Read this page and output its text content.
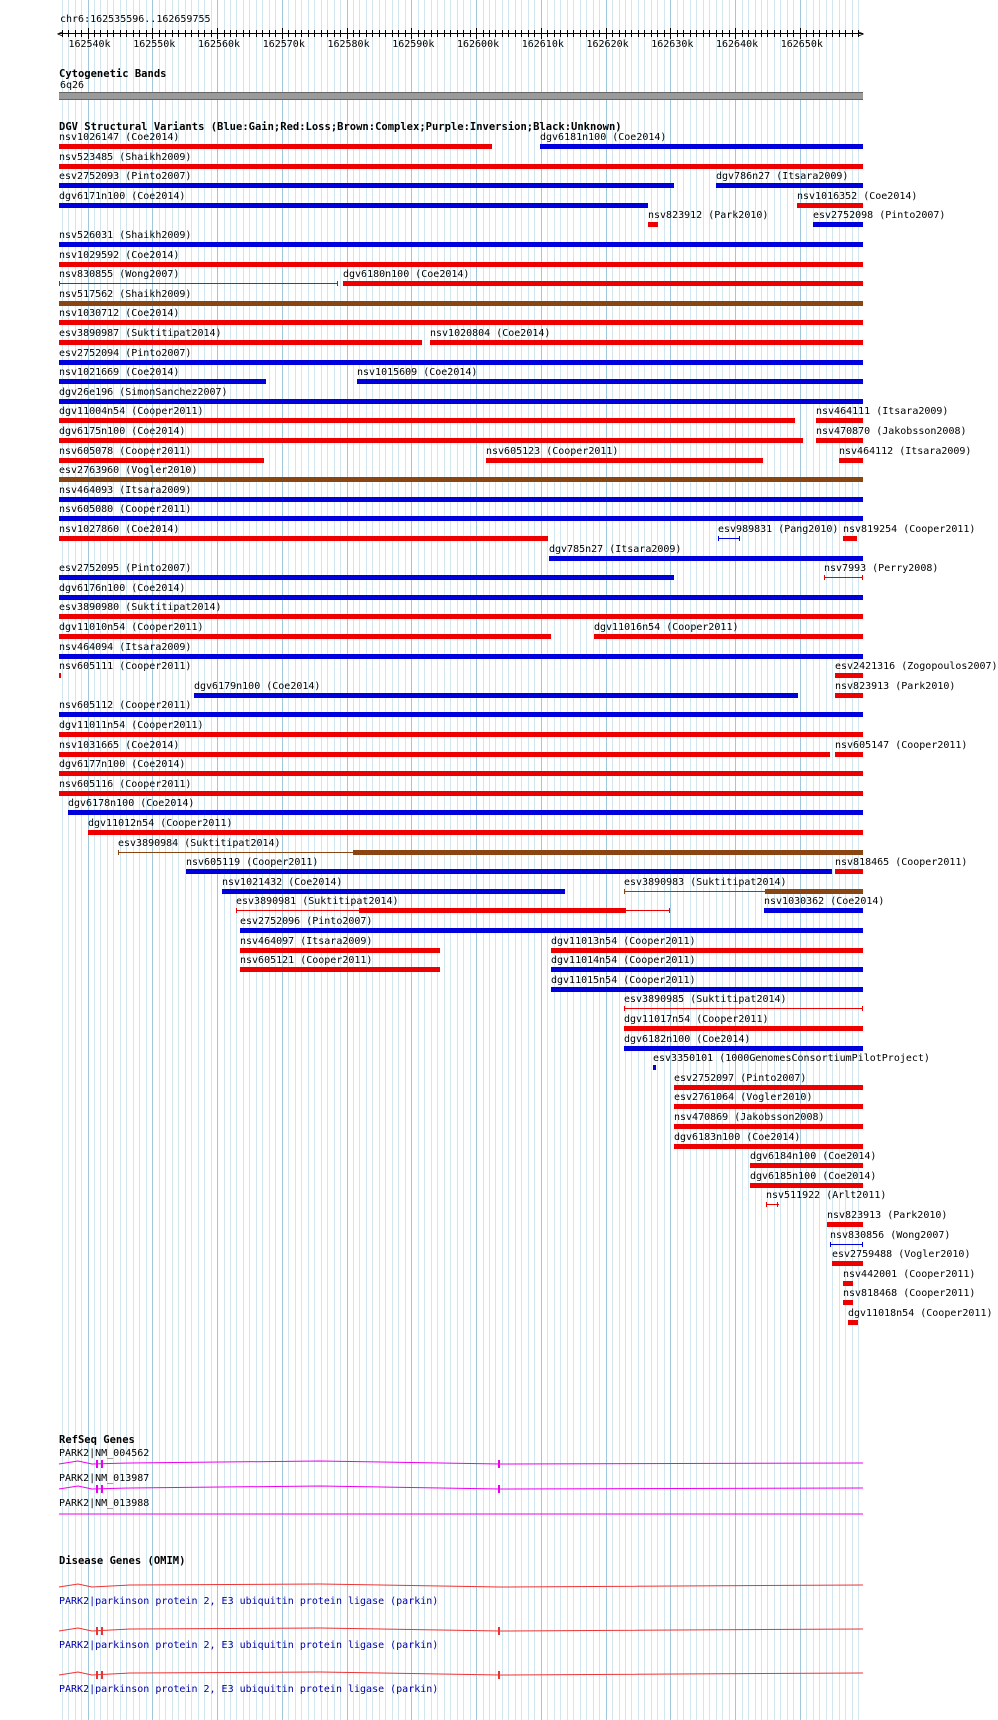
chr6:162535596..162659755
<	>
162540k 162550k 162560k 162570k 162580k 162590k 162600k 162610k 162620k 162630k 162640k 162650k
Cytogenetic Bands
6q26
DGV Structural Variants (Blue:Gain;Red:Loss;Brown:Complex;Purple:Inversion;Black:Unknown)
nsv1026147 (Coe2014)	dgv6181n100 (Coe2014)
nsv523485 (Shaikh2009)
esv2752093 (Pinto2007)	dgv786n27 (Itsara2009)
dgv6171n100 (Coe2014)
nsv823912 (Park2010)
nsv1016352 (Coe2014)
nsv526031 (Shaikh2009)
nsv1029592 (Coe2014)
nsv830855 (Wong2007)	dgv6180n100 (Coe2014)
nsv517562 (Shaikh2009)
nsv1030712 (Coe2014)
esv3890987 (Suktitipat2014)	nsv1020804 (Coe2014)
esv2752094 (Pinto2007)
nsv1021669 (Coe2014)	nsv1015609 (Coe2014)
dgv26e196 (SimonSanchez2007)
dgv11004n54 (Cooper2011)
esv2752098 (Pinto2007)
dgv6175n100 (Coe2014)
nsv464111 (Itsara2009)
nsv605078 (Cooper2011)	nsv605123 (Cooper2011)
nsv470870 (Jakobsson2008)
esv2763960 (Vogler2010)
nsv464093 (Itsara2009)
nsv605080 (Cooper2011)
nsv1027860 (Coe2014)
dgv785n27 (Itsara2009)
esv2752095 (Pinto2007)
esv989831 (Pang2010)
nsv464112 (Itsara2009)
dgv6176n100 (Coe2014)
esv3890980 (Suktitipat2014)
dgv11010n54 (Cooper2011)	dgv11016n54 (Cooper2011)
nsv464094 (Itsara2009)
nsv605111 (Cooper2011)
dgv6179n100 (Coe2014)
nsv7993 (Perry2008)
nsv605112 (Cooper2011)
dgv11011n54 (Cooper2011)
nsv1031665 (Coe2014)
esv2421316 (Zogopoulos2007)
dgv6177n100 (Coe2014)
nsv605116 (Cooper2011)
dgv6178n100 (Coe2014)
dgv11012n54 (Cooper2011)
esv3890984 (Suktitipat2014)
nsv605119 (Cooper2011)
nsv823913 (Park2010)
nsv1021432 (Coe2014)	esv3890983 (Suktitipat2014)
esv3890981 (Suktitipat2014)	nsv1030362 (Coe2014)
esv2752096 (Pinto2007)
nsv464097 (Itsara2009)	dgv11013n54 (Cooper2011)
nsv605121 (Cooper2011)	dgv11014n54 (Cooper2011)
dgv11015n54 (Cooper2011)
esv3890985 (Suktitipat2014)
dgv11017n54 (Cooper2011)
dgv6182n100 (Coe2014)
esv3350101 (1000GenomesConsortiumPilotProject)
esv2752097 (Pinto2007)
esv2761064 (Vogler2010)
nsv470869 (Jakobsson2008)
dgv6183n100 (Coe2014)
dgv6184n100 (Coe2014)
dgv6185n100 (Coe2014)
nsv511922 (Arlt2011)
nsv823913 (Park2010)
nsv830856 (Wong2007)
esv2759488 (Vogler2010)
nsv605147 (Cooper2011)
nsv818465 (Cooper2011)
nsv819254 (Cooper2011)
nsv442001 (Cooper2011)
nsv818468 (Cooper2011)
dgv11018n54 (Cooper2011)
RefSeq Genes
PARK2|NM_004562
PARK2|NM_013987
PARK2|NM_013988
Disease Genes (OMIM)
PARK2|parkinson protein 2, E3 ubiquitin protein ligase (parkin)
PARK2|parkinson protein 2, E3 ubiquitin protein ligase (parkin)
PARK2|parkinson protein 2, E3 ubiquitin protein ligase (parkin)
